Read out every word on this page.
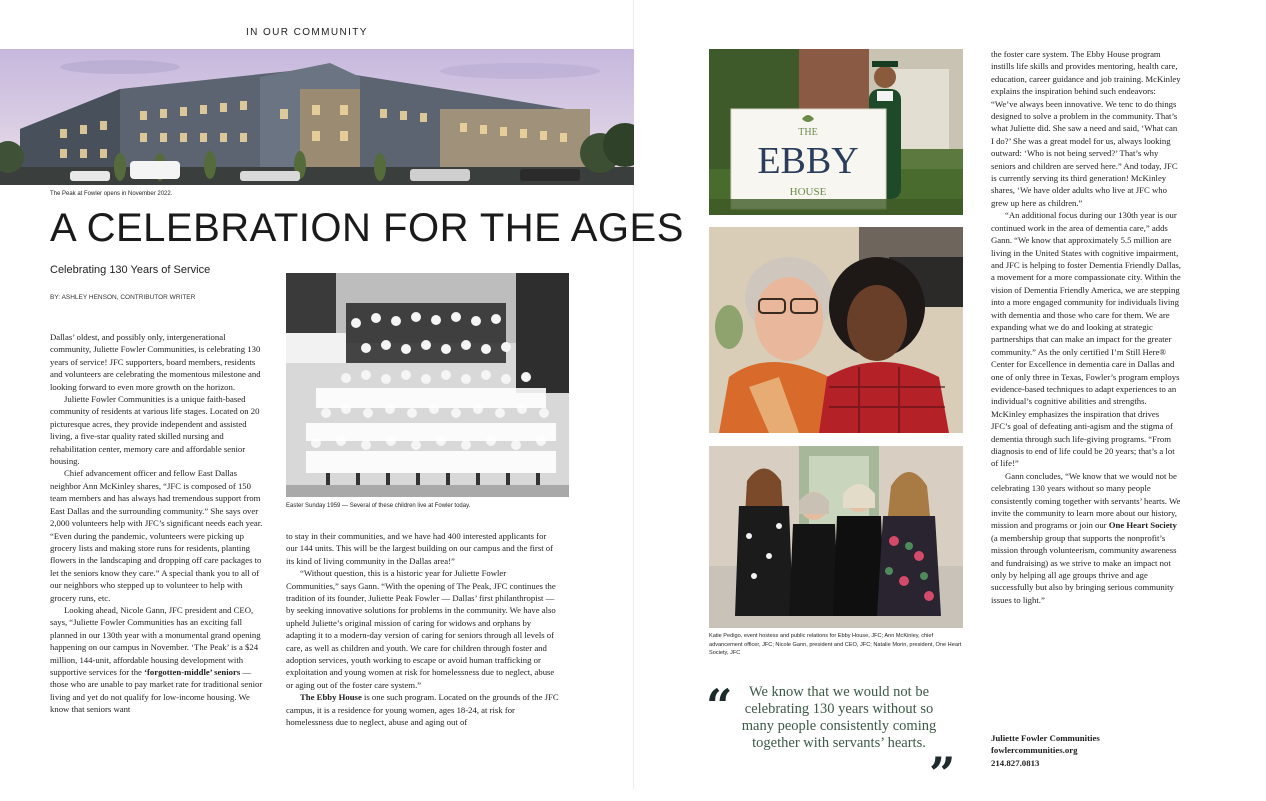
IN OUR COMMUNITY
The Peak at Fowler opens in November 2022.
A CELEBRATION FOR THE AGES
Celebrating 130 Years of Service
BY: ASHLEY HENSON, CONTRIBUTOR WRITER

Dallas’ oldest, and possibly only, intergenerational community, Juliette Fowler Communities, is celebrating 130 years of service! JFC supporters, board members, residents and volunteers are celebrating the momentous milestone and looking forward to even more growth on the horizon.

Juliette Fowler Communities is a unique faith-based community of residents at various life stages. Located on 20 picturesque acres, they provide independent and assisted living, a five-star quality rated skilled nursing and rehabilitation center, memory care and affordable senior housing.

Chief advancement officer and fellow East Dallas neighbor Ann McKinley shares, “JFC is composed of 150 team members and has always had tremendous support from East Dallas and the surrounding community.” She says over 2,000 volunteers help with JFC’s significant needs each year. “Even during the pandemic, volunteers were picking up grocery lists and making store runs for residents, planting flowers in the landscaping and dropping off care packages to let the seniors know they care.” A special thank you to all of our neighbors who stepped up to volunteer to help with grocery runs, etc.

Looking ahead, Nicole Gann, JFC president and CEO, says, “Juliette Fowler Communities has an exciting fall planned in our 130th year with a monumental grand opening happening on our campus in November. ‘The Peak’ is a $24 million, 144-unit, affordable housing development with supportive services for the ‘forgotten-middle’ seniors — those who are unable to pay market rate for traditional senior living and yet do not qualify for low-income housing. We know that seniors want

Easter Sunday 1959 — Several of these children live at Fowler today.

to stay in their communities, and we have had 400 interested applicants for our 144 units. This will be the largest building on our campus and the first of its kind of living community in the Dallas area!”

“Without question, this is a historic year for Juliette Fowler Communities,” says Gann. “With the opening of The Peak, JFC continues the tradition of its founder, Juliette Peak Fowler — Dallas’ first philanthropist — by seeking innovative solutions for problems in the community. We have also upheld Juliette’s original mission of caring for widows and orphans by adapting it to a modern-day version of caring for seniors through all levels of care, as well as children and youth. We care for children through foster and adoption services, youth working to escape or avoid human trafficking or exploitation and young women at risk for homelessness due to neglect, abuse or aging out of the foster care system.”

The Ebby House is one such program. Located on the grounds of the JFC campus, it is a residence for young women, ages 18-24, at risk for homelessness due to neglect, abuse and aging out of

THE
EBBY
HOUSE
Katie Pedigo, event hostess and public relations for Ebby House, JFC; Ann McKinley, chief advancement officer, JFC; Nicole Gann, president and CEO, JFC; Natalie Morin, president, One Heart Society, JFC
“	We know that we would not be celebrating 130 years without so many people consistently coming together with servants’ hearts.
”

the foster care system. The Ebby House program instills life skills and provides mentoring, health care, education, career guidance and job training. McKinley explains the inspiration behind such endeavors: “We’ve always been innovative. We tenc to do things designed to solve a problem in the community. That’s what Juliette did. She saw a need and said, ‘What can I do?’ She was a great model for us, always looking outward: ‘Who is not being served?’ That’s why seniors and children are served here.” And today, JFC is currently serving its third generation! McKinley shares, ‘We have older adults who live at JFC who grew up here as children.”

“An additional focus during our 130th year is our continued work in the area of dementia care,” adds Gann. “We know that approximately 5.5 million are living in the United States with cognitive impairment, and JFC is helping to foster Dementia Friendly Dallas, a movement for a more compassionate city. Within the vision of Dementia Friendly America, we are stepping into a more engaged community for individuals living with dementia and those who care for them. We are expanding what we do and looking at strategic partnerships that can make an impact for the greater community.” As the only certified I’m Still Here® Center for Excellence in dementia care in Dallas and one of only three in Texas, Fowler’s program employs evidence-based techniques to adapt experiences to an individual’s cognitive abilities and strengths. McKinley emphasizes the inspiration that drives JFC’s goal of defeating anti-agism and the stigma of dementia through such life-giving programs. “From diagnosis to end of life could be 20 years; that’s a lot of life!”

Gann concludes, “We know that we would not be celebrating 130 years without so many people consistently coming together with servants’ hearts. We invite the community to learn more about our history, mission and programs or join our One Heart Society (a membership group that supports the nonprofit’s mission through volunteerism, community awareness and fundraising) as we strive to make an impact not only by helping all age groups thrive and age successfully but also by bringing serious community issues to light.”

Juliette Fowler Communities
fowlercommunities.org
214.827.0813
